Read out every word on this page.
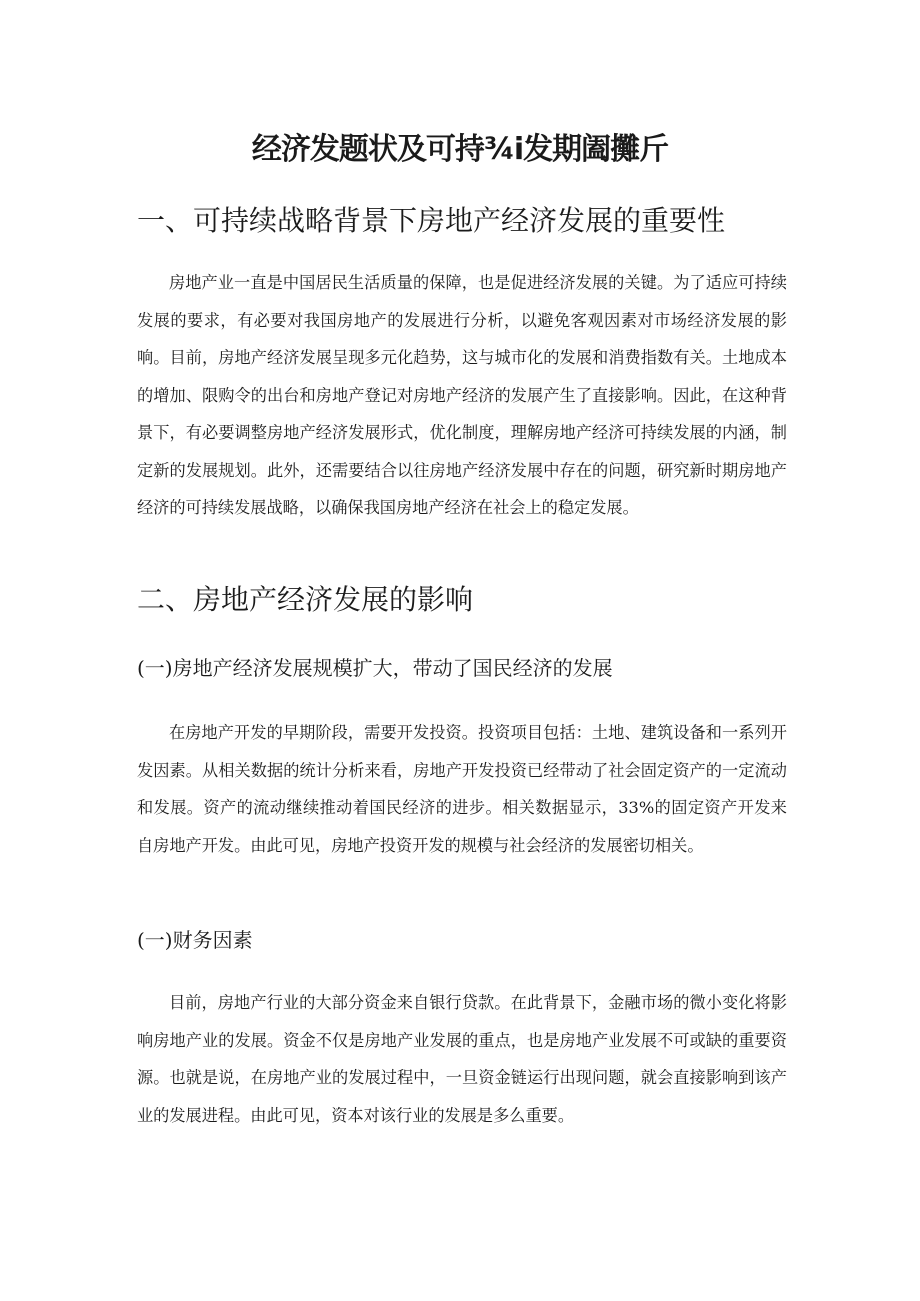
经济发题状及可持¾i发期阖攤斤
一、可持续战略背景下房地产经济发展的重要性

房地产业一直是中国居民生活质量的保障，也是促进经济发展的关键。为了适应可持续发展的要求，有必要对我国房地产的发展进行分析，以避免客观因素对市场经济发展的影响。目前，房地产经济发展呈现多元化趋势，这与城市化的发展和消费指数有关。土地成本的增加、限购令的出台和房地产登记对房地产经济的发展产生了直接影响。因此，在这种背景下，有必要调整房地产经济发展形式，优化制度，理解房地产经济可持续发展的内涵，制定新的发展规划。此外，还需要结合以往房地产经济发展中存在的问题，研究新时期房地产经济的可持续发展战略，以确保我国房地产经济在社会上的稳定发展。

二、房地产经济发展的影响
(一)房地产经济发展规模扩大，带动了国民经济的发展

在房地产开发的早期阶段，需要开发投资。投资项目包括：土地、建筑设备和一系列开发因素。从相关数据的统计分析来看，房地产开发投资已经带动了社会固定资产的一定流动和发展。资产的流动继续推动着国民经济的进步。相关数据显示，33%的固定资产开发来自房地产开发。由此可见，房地产投资开发的规模与社会经济的发展密切相关。

(一)财务因素

目前，房地产行业的大部分资金来自银行贷款。在此背景下，金融市场的微小变化将影响房地产业的发展。资金不仅是房地产业发展的重点，也是房地产业发展不可或缺的重要资源。也就是说，在房地产业的发展过程中，一旦资金链运行出现问题，就会直接影响到该产业的发展进程。由此可见，资本对该行业的发展是多么重要。
